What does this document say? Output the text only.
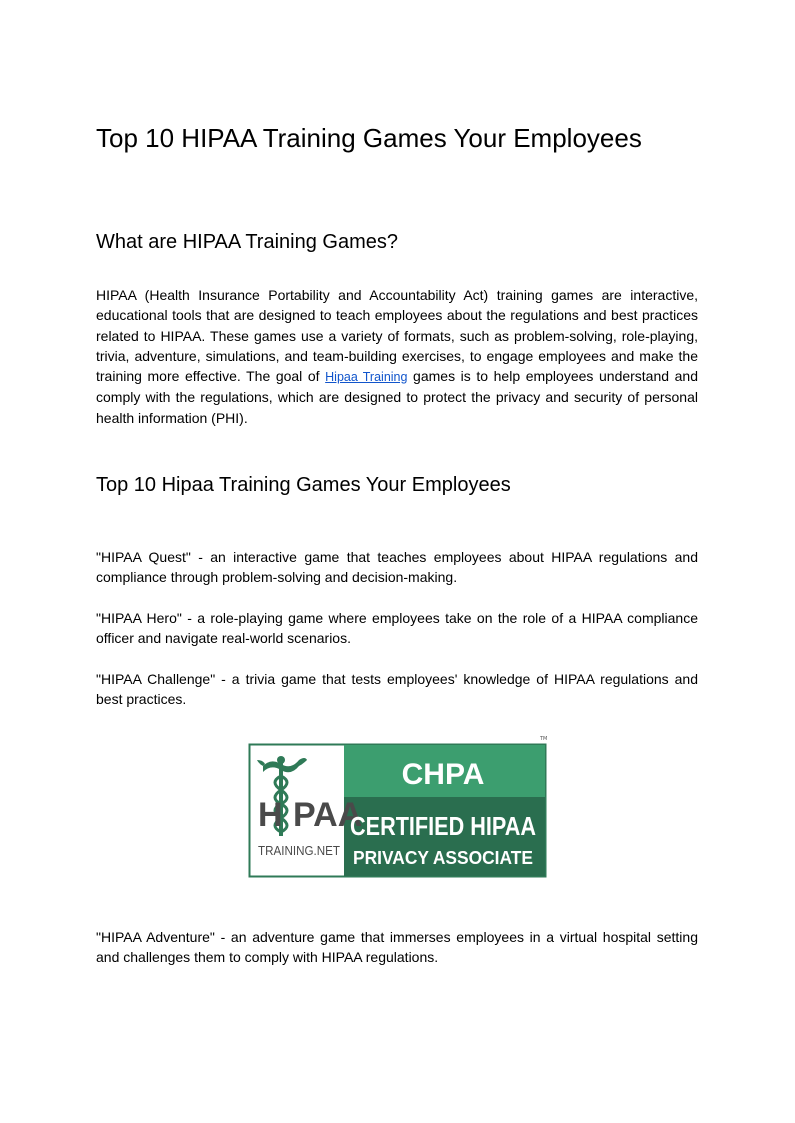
Top 10 HIPAA Training Games Your Employees
What are HIPAA Training Games?

HIPAA (Health Insurance Portability and Accountability Act) training games are interactive, educational tools that are designed to teach employees about the regulations and best practices related to HIPAA. These games use a variety of formats, such as problem-solving, role-playing, trivia, adventure, simulations, and team-building exercises, to engage employees and make the training more effective. The goal of Hipaa Training games is to help employees understand and comply with the regulations, which are designed to protect the privacy and security of personal health information (PHI).

Top 10 Hipaa Training Games Your Employees

"HIPAA Quest" - an interactive game that teaches employees about HIPAA regulations and compliance through problem-solving and decision-making.

"HIPAA Hero" - a role-playing game where employees take on the role of a HIPAA compliance officer and navigate real-world scenarios.

"HIPAA Challenge" - a trivia game that tests employees' knowledge of HIPAA regulations and best practices.

"HIPAA Adventure" - an adventure game that immerses employees in a virtual hospital setting and challenges them to comply with HIPAA regulations.

TM
H PAA
TRAINING.NET
CHPA
CERTIFIED HIPAA
PRIVACY ASSOCIATE
